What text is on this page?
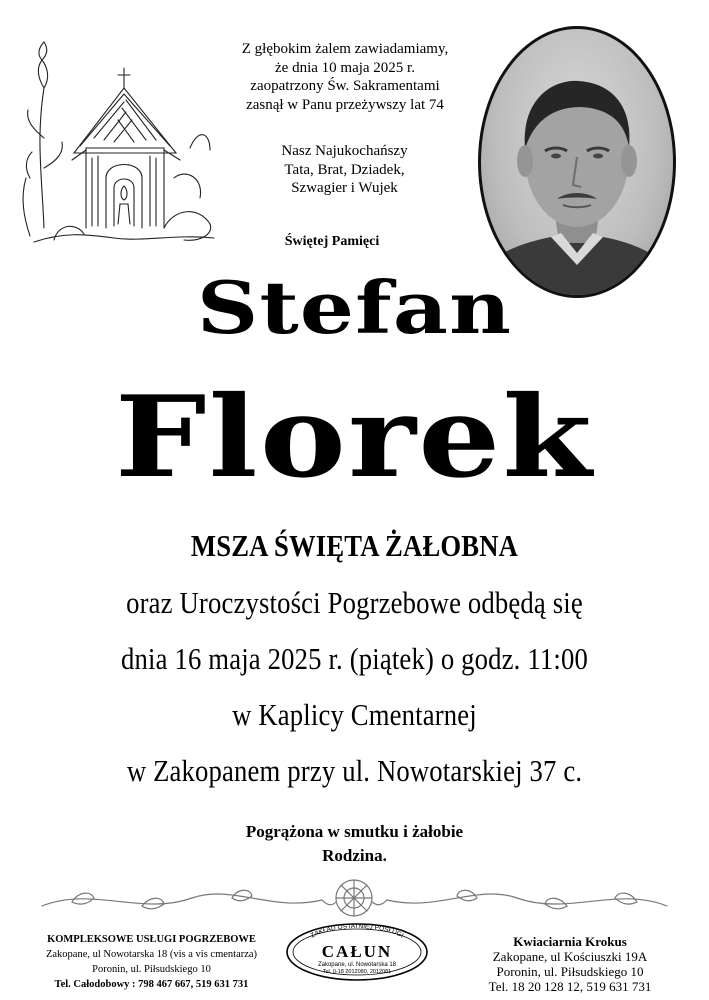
Z głębokim żalem zawiadamiamy,
że dnia 10 maja 2025 r.
zaopatrzony Św. Sakramentami
zasnął w Panu przeżywszy lat 74
Nasz Najukochańszy
Tata, Brat, Dziadek,
Szwagier i Wujek
Świętej Pamięci
Stefan
Florek
MSZA ŚWIĘTA ŻAŁOBNA
oraz Uroczystości Pogrzebowe odbędą się
dnia 16 maja 2025 r. (piątek) o godz. 11:00
w Kaplicy Cmentarnej
w Zakopanem przy ul. Nowotarskiej 37 c.
Pogrążona w smutku i żałobie
Rodzina.
KOMPLEKSOWE USŁUGI POGRZEBOWE
Zakopane, ul Nowotarska 18 (vis a vis cmentarza)
Poronin, ul. Piłsudskiego 10
Tel. Całodobowy : 798 467 667, 519 631 731
ZAKŁAD OSTATNIEJ POSŁUGI
CAŁUN
Zakopane, ul. Nowotarska 18
Tel. 0-18 2012080, 2012081
Kwiaciarnia Krokus
Zakopane, ul Kościuszki 19A
Poronin, ul. Piłsudskiego 10
Tel. 18 20 128 12, 519 631 731
